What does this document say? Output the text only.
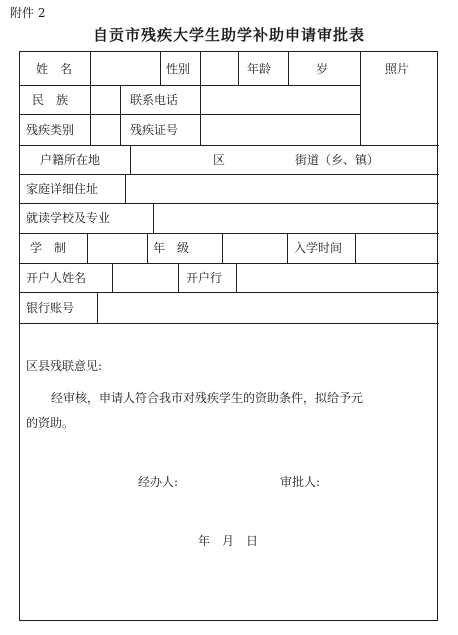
附件 2
自贡市残疾大学生助学补助申请审批表
姓　名	性别	年龄	岁	照片
民　族	联系电话
残疾类别	残疾证号
户籍所在地	区	街道（乡、镇）
家庭详细住址
就读学校及专业
学　制	年　级	入学时间
开户人姓名	开户行
银行账号
区县残联意见:
经审核，申请人符合我市对残疾学生的资助条件，拟给予元
的资助。
经办人:	审批人:
年　月　日
